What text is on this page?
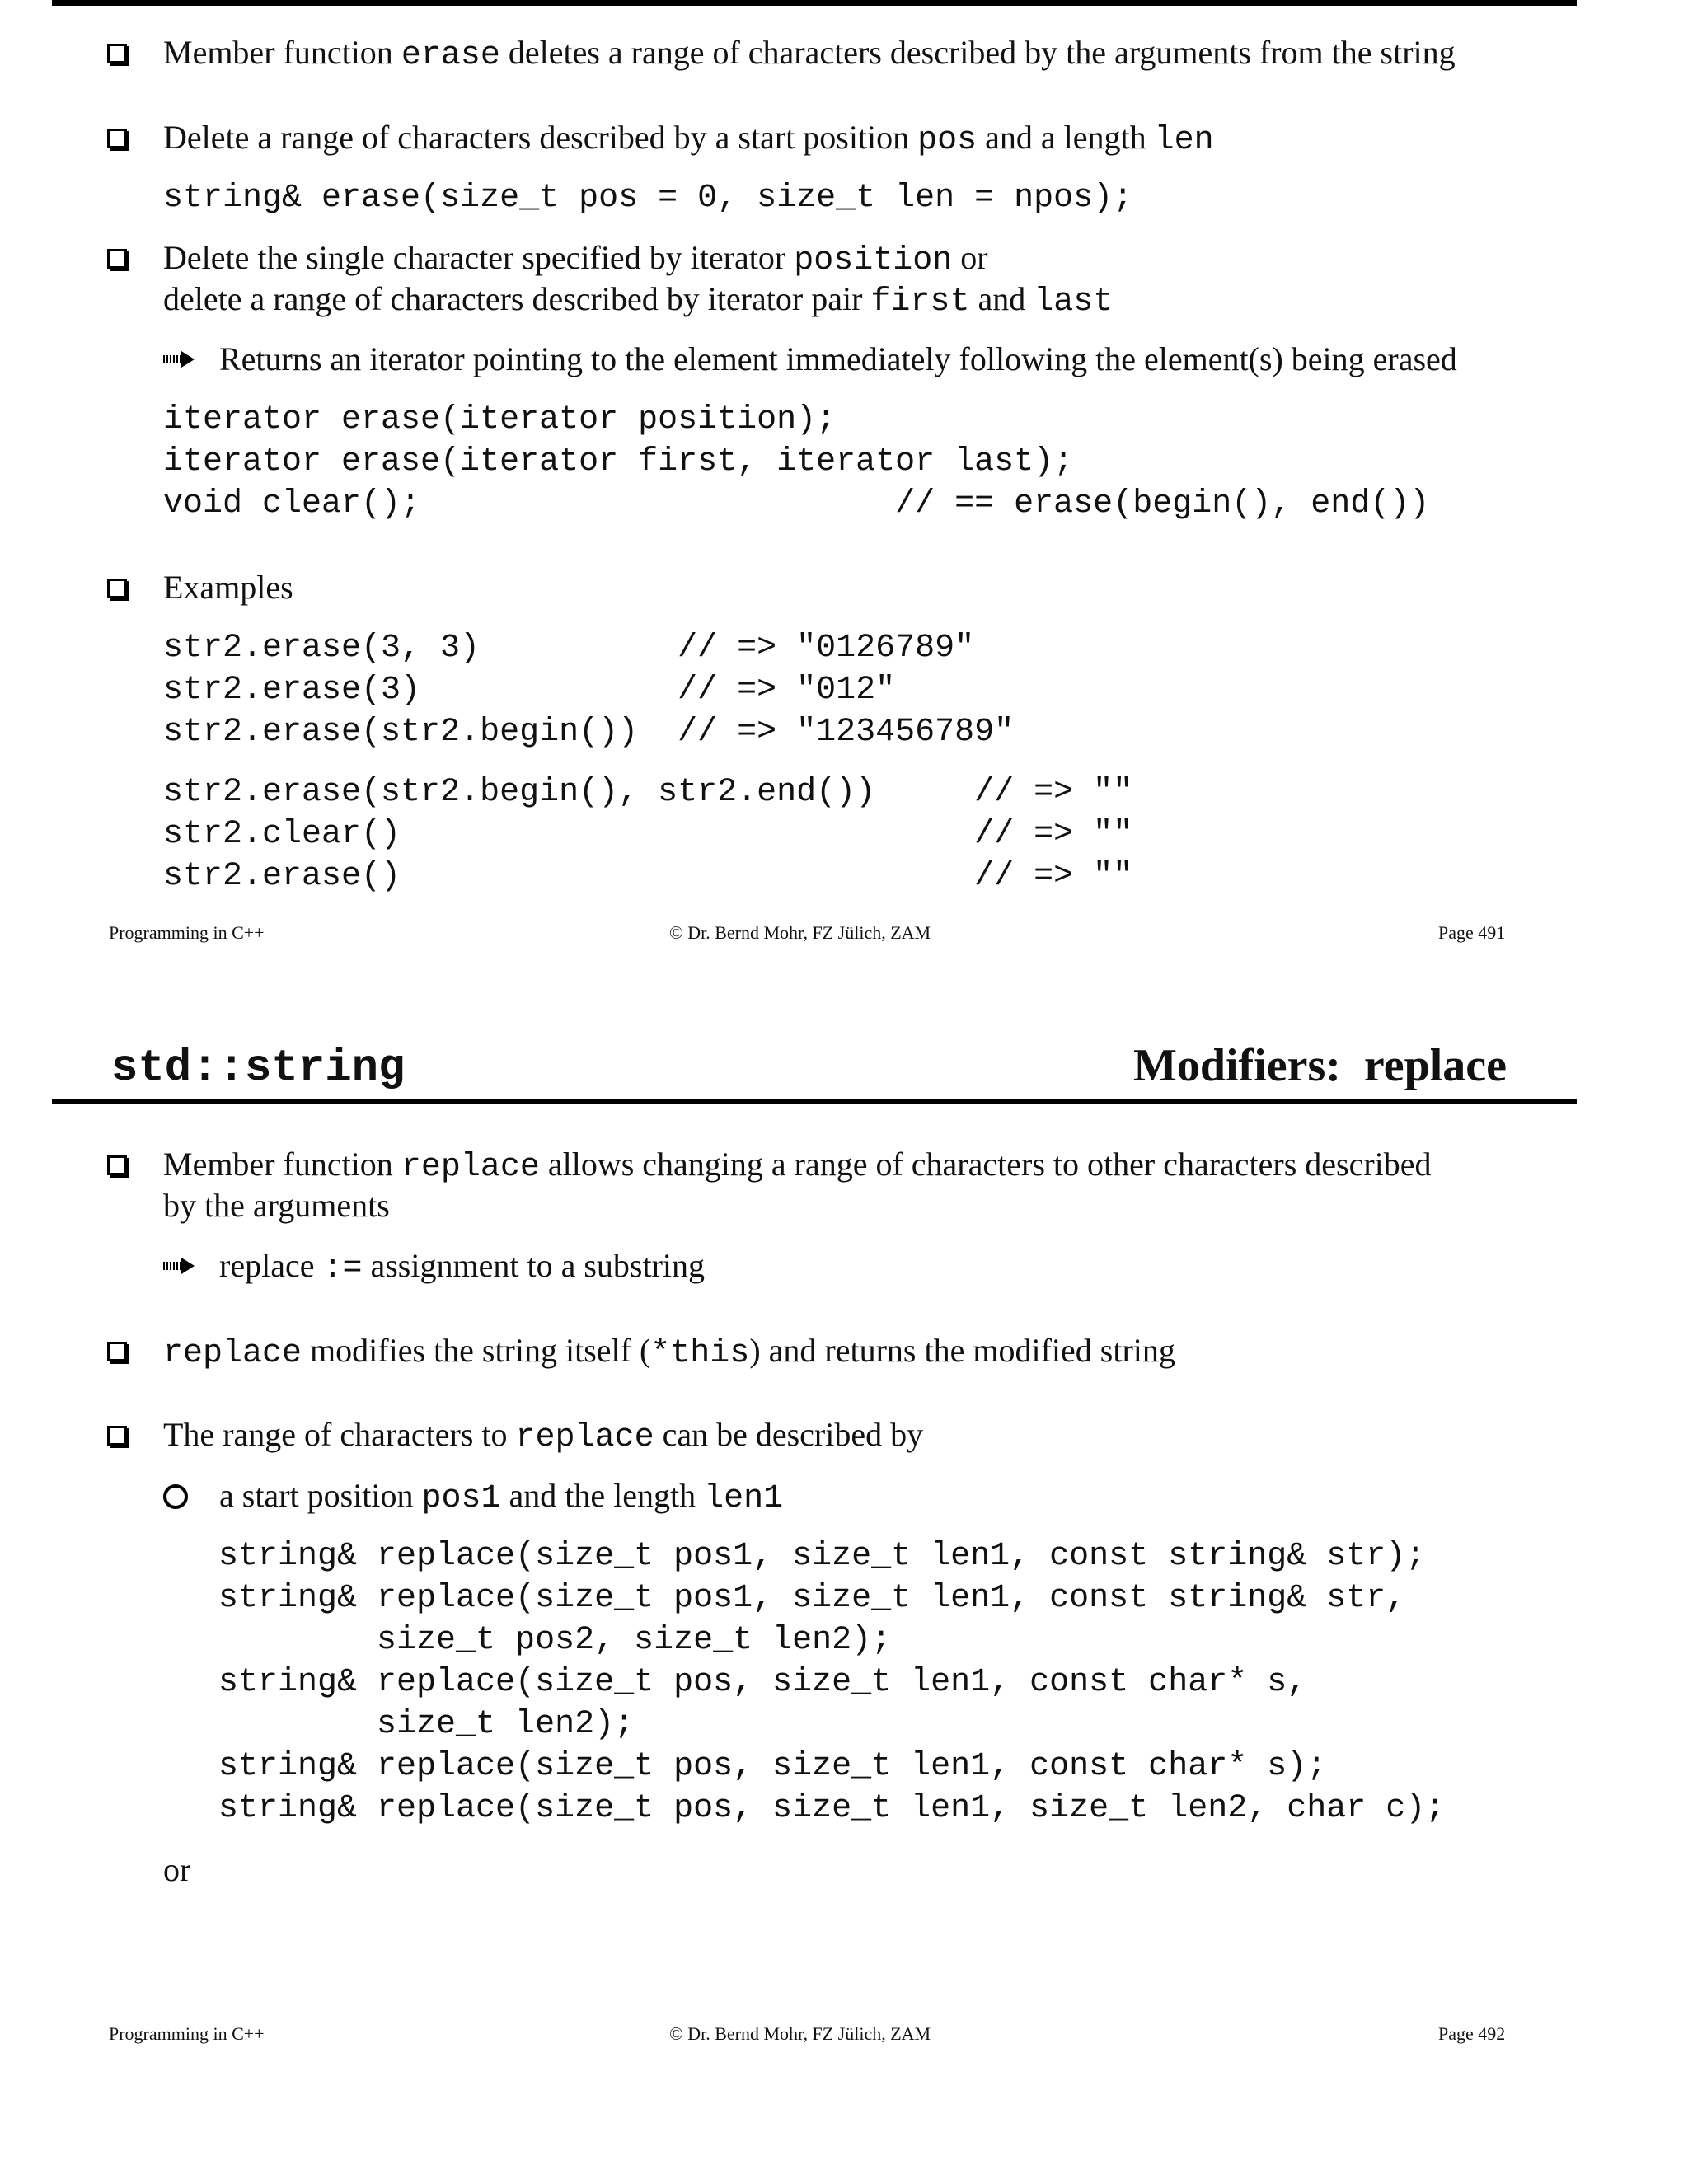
Member function erase deletes a range of characters described by the arguments from the string
Delete a range of characters described by a start position pos and a length len
string& erase(size_t pos = 0, size_t len = npos);
Delete the single character specified by iterator position or
delete a range of characters described by iterator pair first and last
Returns an iterator pointing to the element immediately following the element(s) being erased
iterator erase(iterator position);
iterator erase(iterator first, iterator last);
void clear();                        // == erase(begin(), end())
Examples
str2.erase(3, 3)          // => "0126789"
str2.erase(3)             // => "012"
str2.erase(str2.begin())  // => "123456789"
str2.erase(str2.begin(), str2.end())     // => ""
str2.clear()                             // => ""
str2.erase()                             // => ""
Programming in C++	© Dr. Bernd Mohr, FZ Jülich, ZAM	Page 491
std::string	Modifiers:  replace
Member function replace allows changing a range of characters to other characters described
by the arguments
replace := assignment to a substring
replace modifies the string itself (*this) and returns the modified string
The range of characters to replace can be described by
a start position pos1 and the length len1
string& replace(size_t pos1, size_t len1, const string& str);
string& replace(size_t pos1, size_t len1, const string& str,
size_t pos2, size_t len2);
string& replace(size_t pos, size_t len1, const char* s,
size_t len2);
string& replace(size_t pos, size_t len1, const char* s);
string& replace(size_t pos, size_t len1, size_t len2, char c);
or
Programming in C++	© Dr. Bernd Mohr, FZ Jülich, ZAM	Page 492
